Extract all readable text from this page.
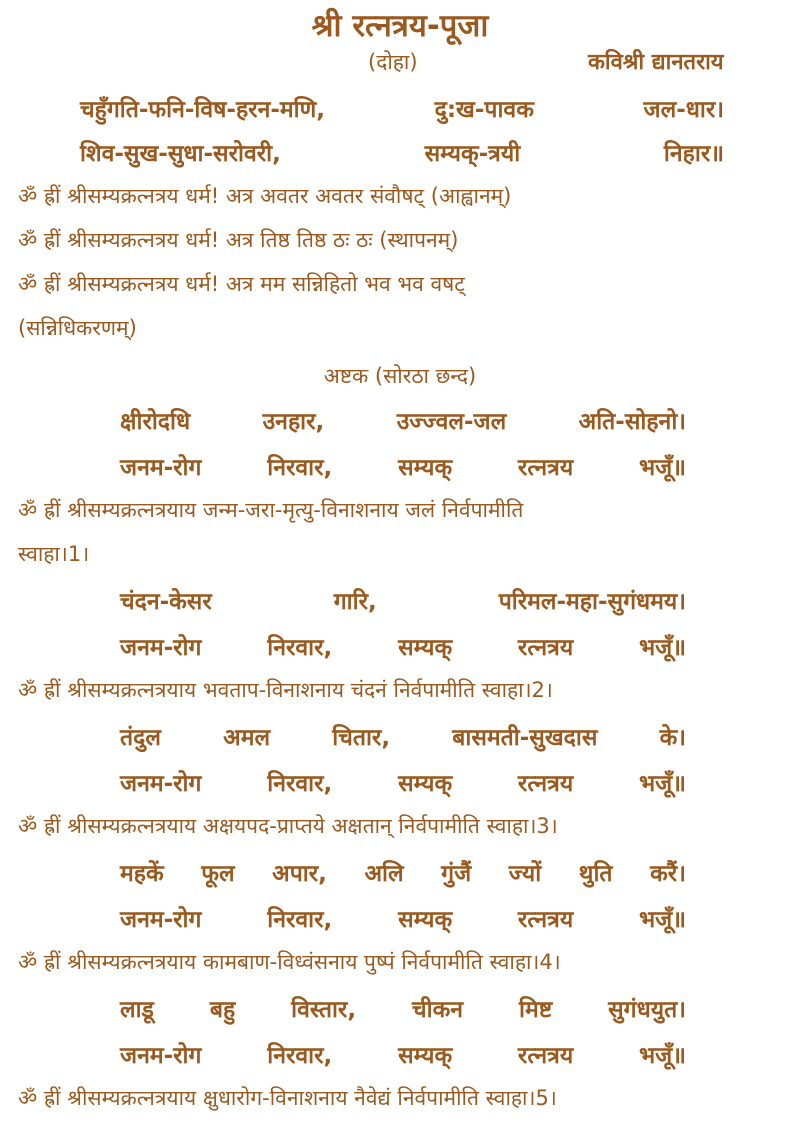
श्री रत्नत्रय-पूजा
(दोहा)	कविश्री द्यानतराय
चहुँगति-फनि-विष-हरन-मणि,	दु:ख-पावक	जल-धार।
शिव-सुख-सुधा-सरोवरी,	सम्यक्-त्रयी	निहार॥
ॐ ह्रीं श्रीसम्यक्रत्नत्रय धर्म! अत्र अवतर अवतर संवौषट् (आह्वानम्)
ॐ ह्रीं श्रीसम्यक्रत्नत्रय धर्म! अत्र तिष्ठ तिष्ठ ठः ठः (स्थापनम्)
ॐ ह्रीं श्रीसम्यक्रत्नत्रय धर्म! अत्र मम सन्निहितो भव भव वषट्
(सन्निधिकरणम्)
अष्टक (सोरठा छन्द)
क्षीरोदधि	उनहार,	उज्ज्वल-जल	अति-सोहनो।
जनम-रोग	निरवार,	सम्यक्	रत्नत्रय	भजूँ॥
ॐ ह्रीं श्रीसम्यक्रत्नत्रयाय जन्म-जरा-मृत्यु-विनाशनाय जलं निर्वपामीति
स्वाहा।1।
चंदन-केसर	गारि,	परिमल-महा-सुगंधमय।
जनम-रोग	निरवार,	सम्यक्	रत्नत्रय	भजूँ॥
ॐ ह्रीं श्रीसम्यक्रत्नत्रयाय भवताप-विनाशनाय चंदनं निर्वपामीति स्वाहा।2।
तंदुल	अमल	चितार,	बासमती-सुखदास	के।
जनम-रोग	निरवार,	सम्यक्	रत्नत्रय	भजूँ॥
ॐ ह्रीं श्रीसम्यक्रत्नत्रयाय अक्षयपद-प्राप्तये अक्षतान् निर्वपामीति स्वाहा।3।
महकें फूल अपार, अलि गुंजैं ज्यों थुति करैं।
जनम-रोग	निरवार,	सम्यक्	रत्नत्रय	भजूँ॥
ॐ ह्रीं श्रीसम्यक्रत्नत्रयाय कामबाण-विध्वंसनाय पुष्पं निर्वपामीति स्वाहा।4।
लाडू बहु विस्तार, चीकन मिष्ट सुगंधयुत।
जनम-रोग	निरवार,	सम्यक्	रत्नत्रय	भजूँ॥
ॐ ह्रीं श्रीसम्यक्रत्नत्रयाय क्षुधारोग-विनाशनाय नैवेद्यं निर्वपामीति स्वाहा।5।
